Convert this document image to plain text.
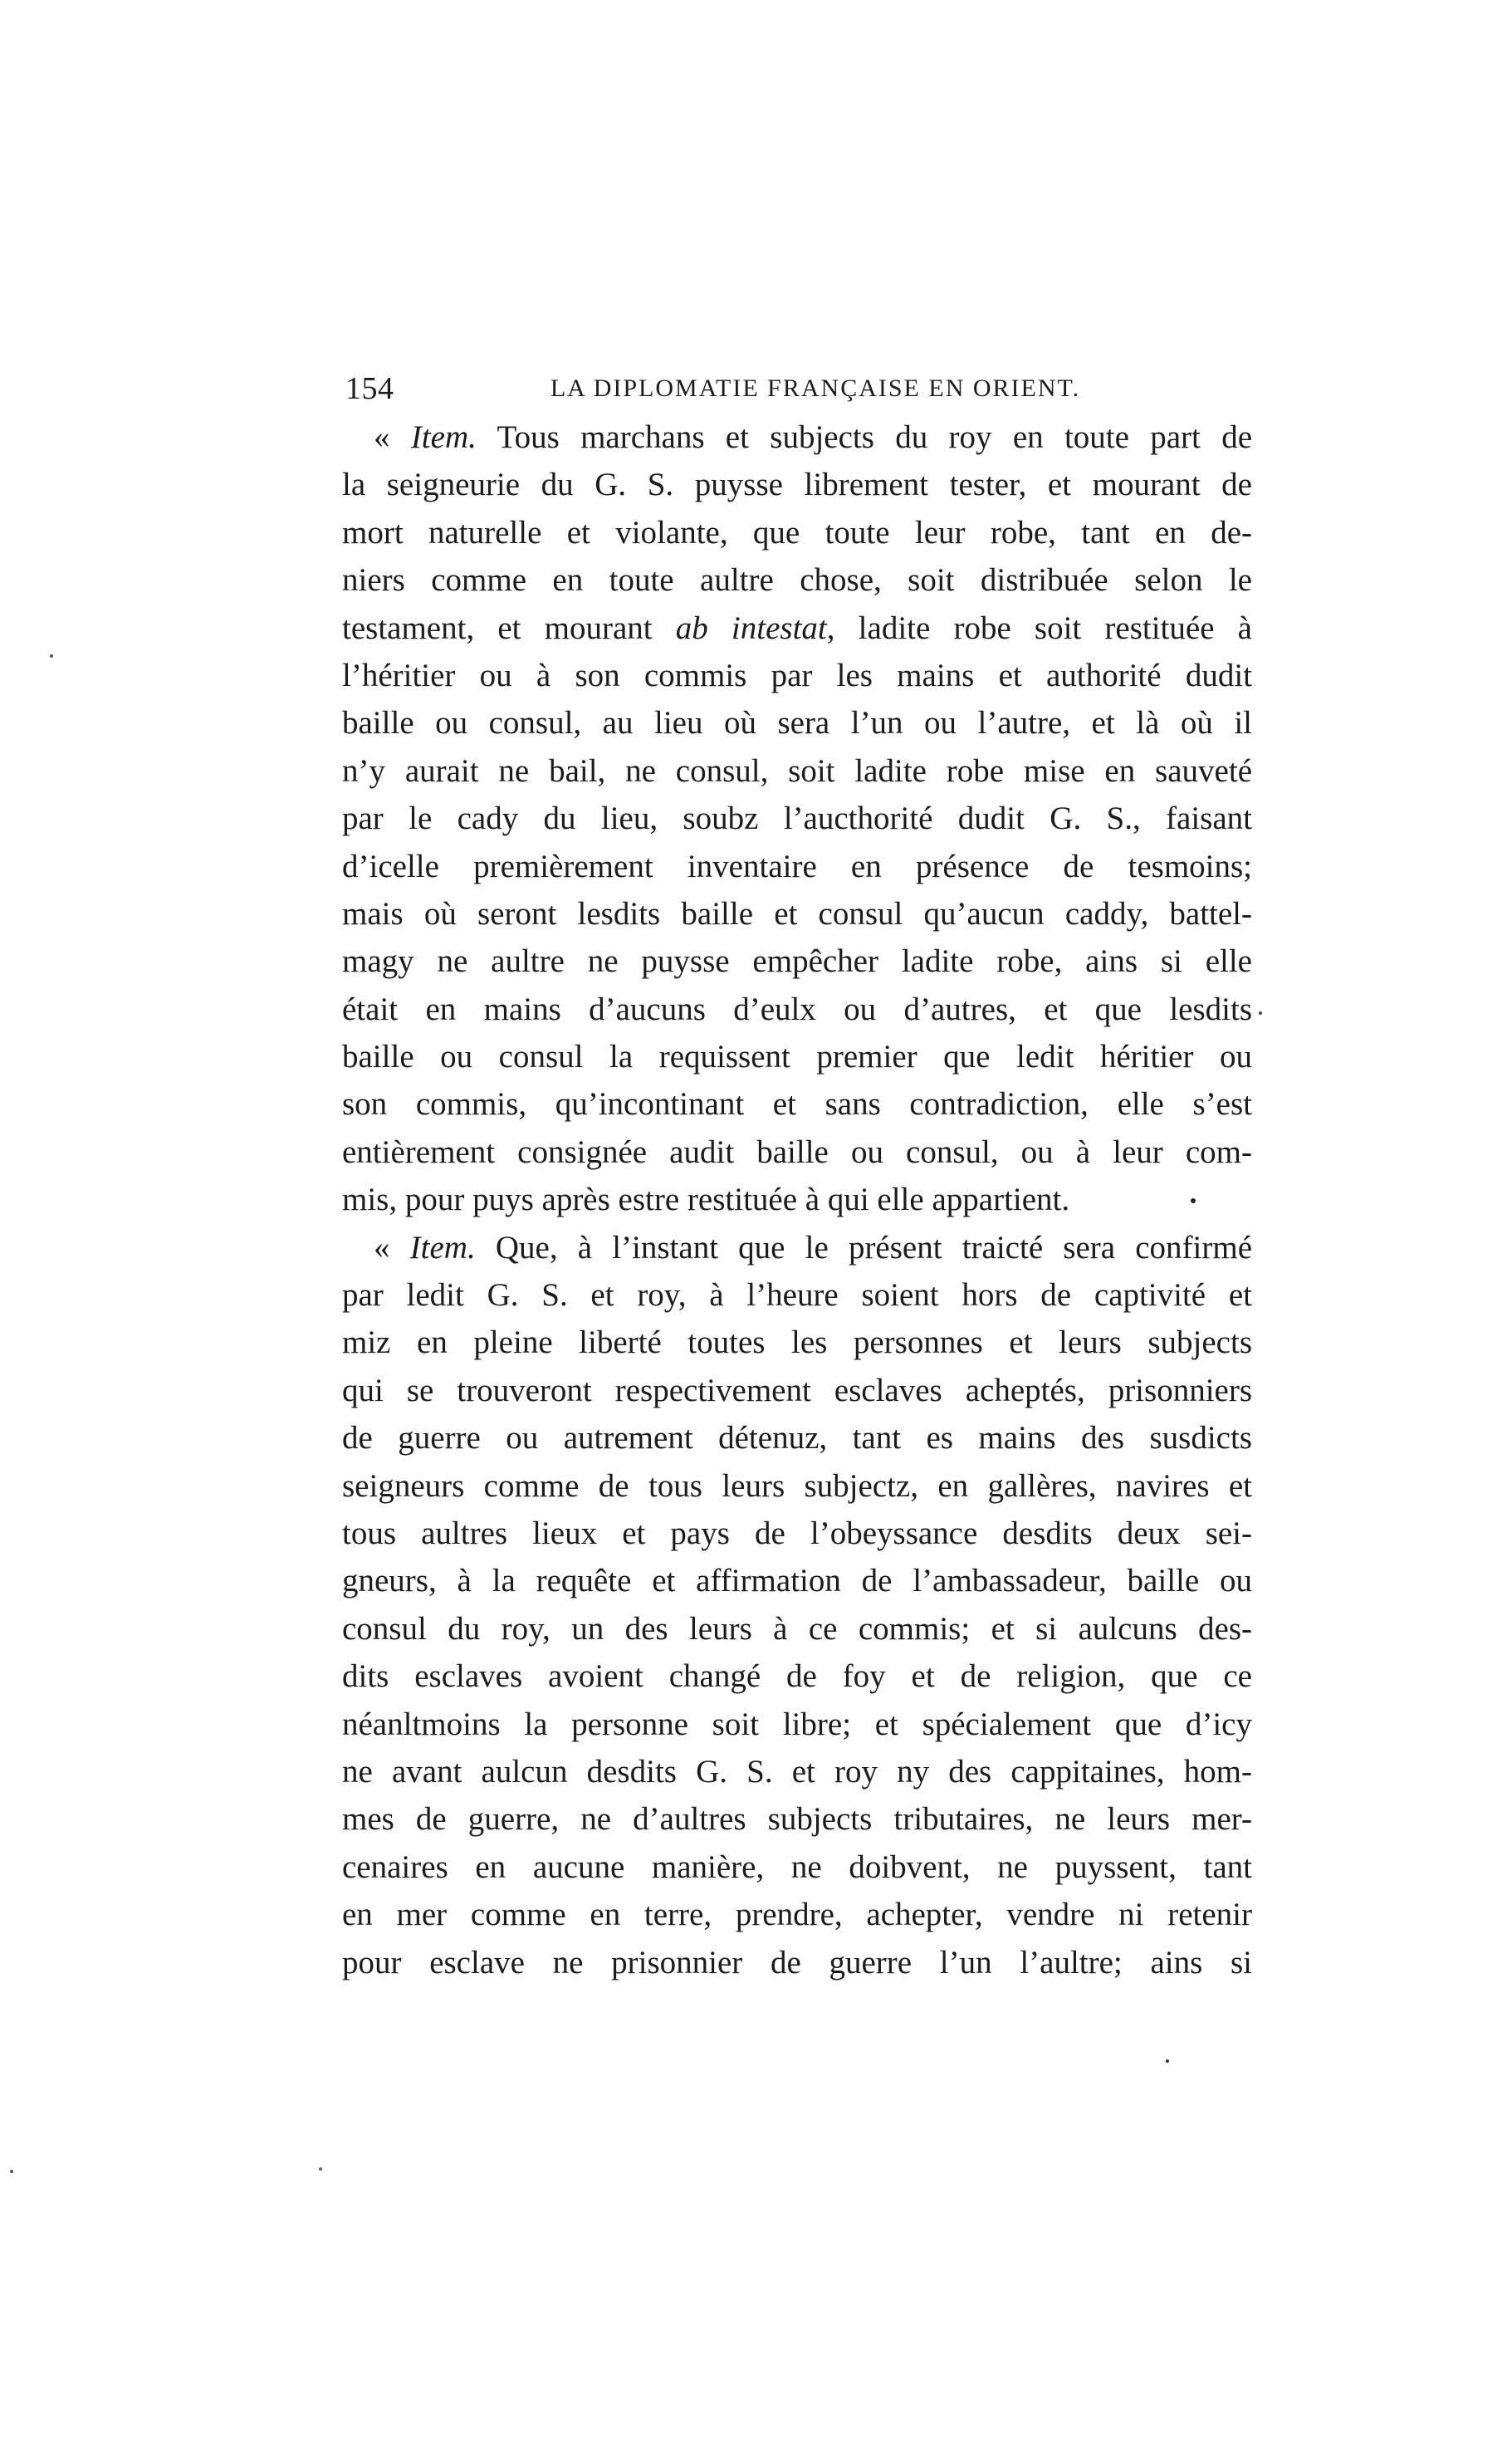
154	LA DIPLOMATIE FRANÇAISE EN ORIENT.
« Item. Tous marchans et subjects du roy en toute part de
la seigneurie du G. S. puysse librement tester, et mourant de
mort naturelle et violante, que toute leur robe, tant en de-
niers comme en toute aultre chose, soit distribuée selon le
testament, et mourant ab intestat, ladite robe soit restituée à
l’héritier ou à son commis par les mains et authorité dudit
baille ou consul, au lieu où sera l’un ou l’autre, et là où il
n’y aurait ne bail, ne consul, soit ladite robe mise en sauveté
par le cady du lieu, soubz l’aucthorité dudit G. S., faisant
d’icelle premièrement inventaire en présence de tesmoins;
mais où seront lesdits baille et consul qu’aucun caddy, battel-
magy ne aultre ne puysse empêcher ladite robe, ains si elle
était en mains d’aucuns d’eulx ou d’autres, et que lesdits
baille ou consul la requissent premier que ledit héritier ou
son commis, qu’incontinant et sans contradiction, elle s’est
entièrement consignée audit baille ou consul, ou à leur com-
mis, pour puys après estre restituée à qui elle appartient.
« Item. Que, à l’instant que le présent traicté sera confirmé
par ledit G. S. et roy, à l’heure soient hors de captivité et
miz en pleine liberté toutes les personnes et leurs subjects
qui se trouveront respectivement esclaves acheptés, prisonniers
de guerre ou autrement détenuz, tant es mains des susdicts
seigneurs comme de tous leurs subjectz, en gallères, navires et
tous aultres lieux et pays de l’obeyssance desdits deux sei-
gneurs, à la requête et affirmation de l’ambassadeur, baille ou
consul du roy, un des leurs à ce commis; et si aulcuns des-
dits esclaves avoient changé de foy et de religion, que ce
néanltmoins la personne soit libre; et spécialement que d’icy
ne avant aulcun desdits G. S. et roy ny des cappitaines, hom-
mes de guerre, ne d’aultres subjects tributaires, ne leurs mer-
cenaires en aucune manière, ne doibvent, ne puyssent, tant
en mer comme en terre, prendre, achepter, vendre ni retenir
pour esclave ne prisonnier de guerre l’un l’aultre; ains si
